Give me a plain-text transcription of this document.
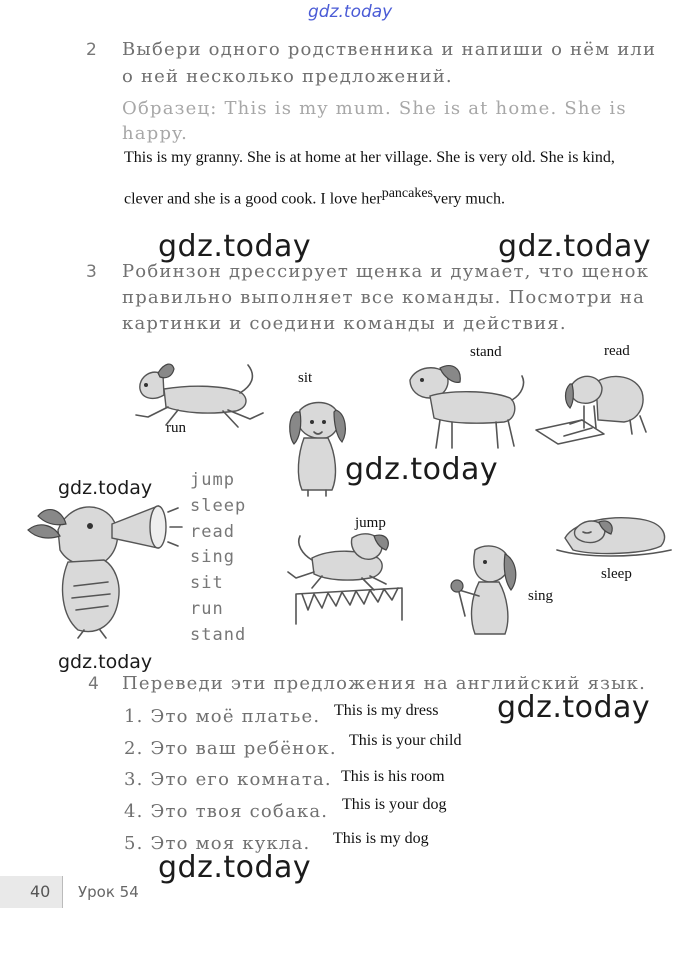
gdz.today
2 Выбери одного родственника и напиши о нём или
о ней несколько предложений.
Образец: This is my mum. She is at home. She is
happy.
This is my granny. She is at home at her village. She is very old. She is kind,
clever and she is a good cook. I love her$^{pancakes}$very much.
gdz.today	gdz.today
3 Робинзон дрессирует щенка и думает, что щенок
правильно выполняет все команды. Посмотри на
картинки и соедини команды и действия.
run
sit
stand	read
gdz.today
gdz.today jump
sleep
read
sing
sit
run
stand
jump
sing
sleep
gdz.today
4 Переведи эти предложения на английский язык.
gdz.today
1. Это моё платье. This is my dress
2. Это ваш ребёнок. This is your child
3. Это его комната. This is his room
4. Это твоя собака. This is your dog
5. Это моя кукла. This is my dog
gdz.today
40 Урок 54
